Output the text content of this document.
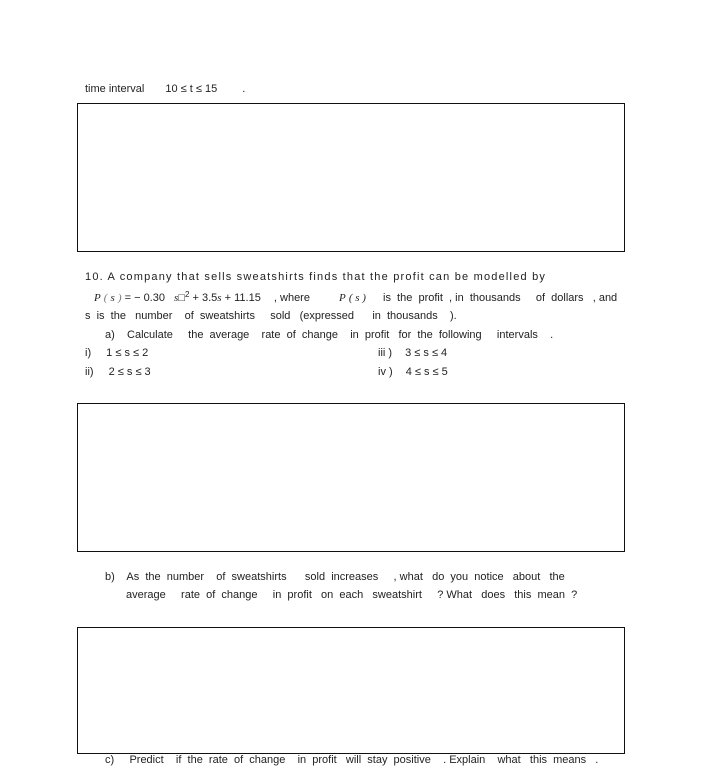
time interval 10 ≤ t ≤ 15 .
10. A company that sells sweatshirts finds that the profit can be modelled by
P ( s ) = − 0.30 s□$^2$ + 3.5s + 11.15 , where	P ( s ) is  the  profit  , in  thousands     of  dollars   , and
s  is  the   number    of  sweatshirts     sold   (expressed      in  thousands    ).
a)    Calculate     the  average    rate  of  change    in  profit   for  the  following     intervals    .
i) 1 ≤ s ≤ 2
ii) 2 ≤ s ≤ 3
iii ) 3 ≤ s ≤ 4
iv ) 4 ≤ s ≤ 5
b)    As  the  number    of  sweatshirts      sold  increases     , what   do  you  notice   about   the
average     rate  of  change     in  profit   on  each   sweatshirt     ? What   does   this  mean  ?
c)     Predict    if  the  rate  of  change    in  profit   will  stay  positive    . Explain    what   this  means   .
